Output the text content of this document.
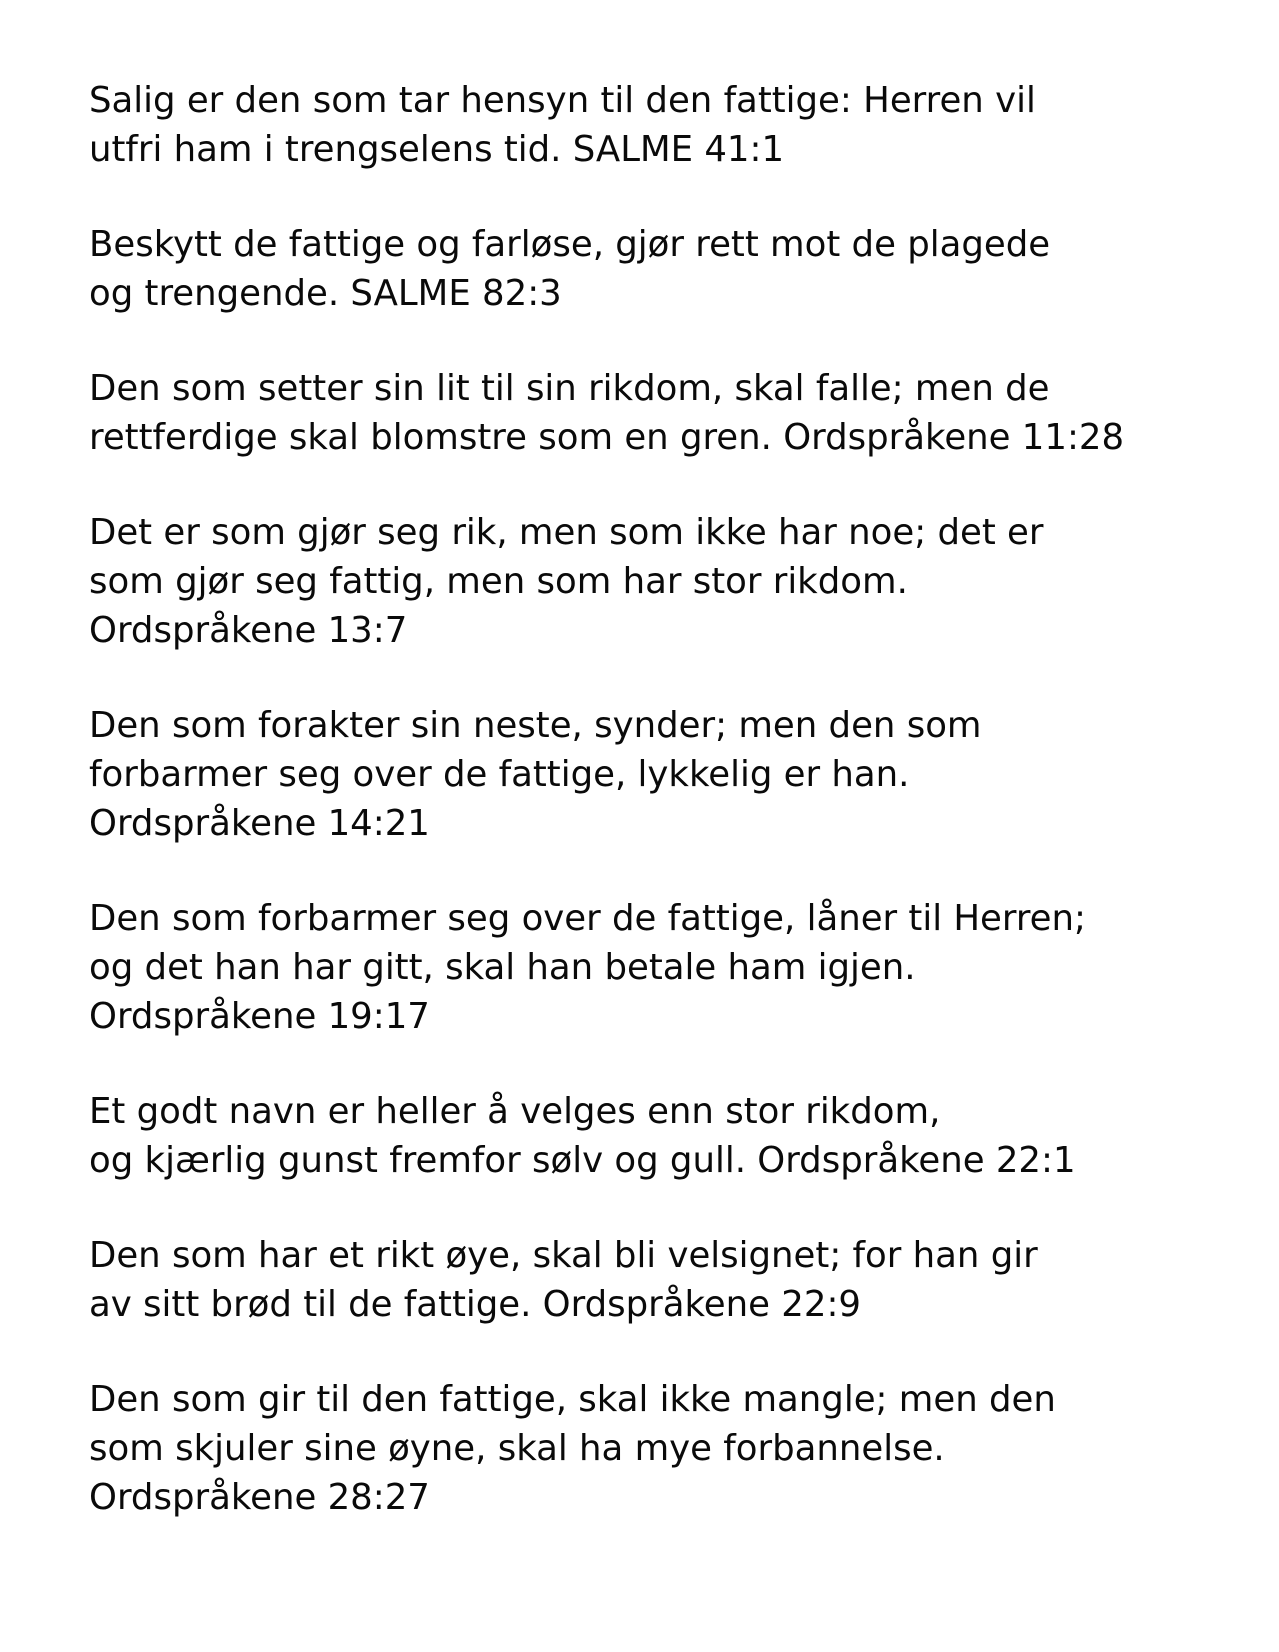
Salig er den som tar hensyn til den fattige: Herren vil
utfri ham i trengselens tid. SALME 41:1

Beskytt de fattige og farløse, gjør rett mot de plagede
og trengende. SALME 82:3

Den som setter sin lit til sin rikdom, skal falle; men de
rettferdige skal blomstre som en gren. Ordspråkene 11:28

Det er som gjør seg rik, men som ikke har noe; det er
som gjør seg fattig, men som har stor rikdom.
Ordspråkene 13:7

Den som forakter sin neste, synder; men den som
forbarmer seg over de fattige, lykkelig er han.
Ordspråkene 14:21

Den som forbarmer seg over de fattige, låner til Herren;
og det han har gitt, skal han betale ham igjen.
Ordspråkene 19:17

Et godt navn er heller å velges enn stor rikdom,
og kjærlig gunst fremfor sølv og gull. Ordspråkene 22:1

Den som har et rikt øye, skal bli velsignet; for han gir
av sitt brød til de fattige. Ordspråkene 22:9

Den som gir til den fattige, skal ikke mangle; men den
som skjuler sine øyne, skal ha mye forbannelse.
Ordspråkene 28:27
